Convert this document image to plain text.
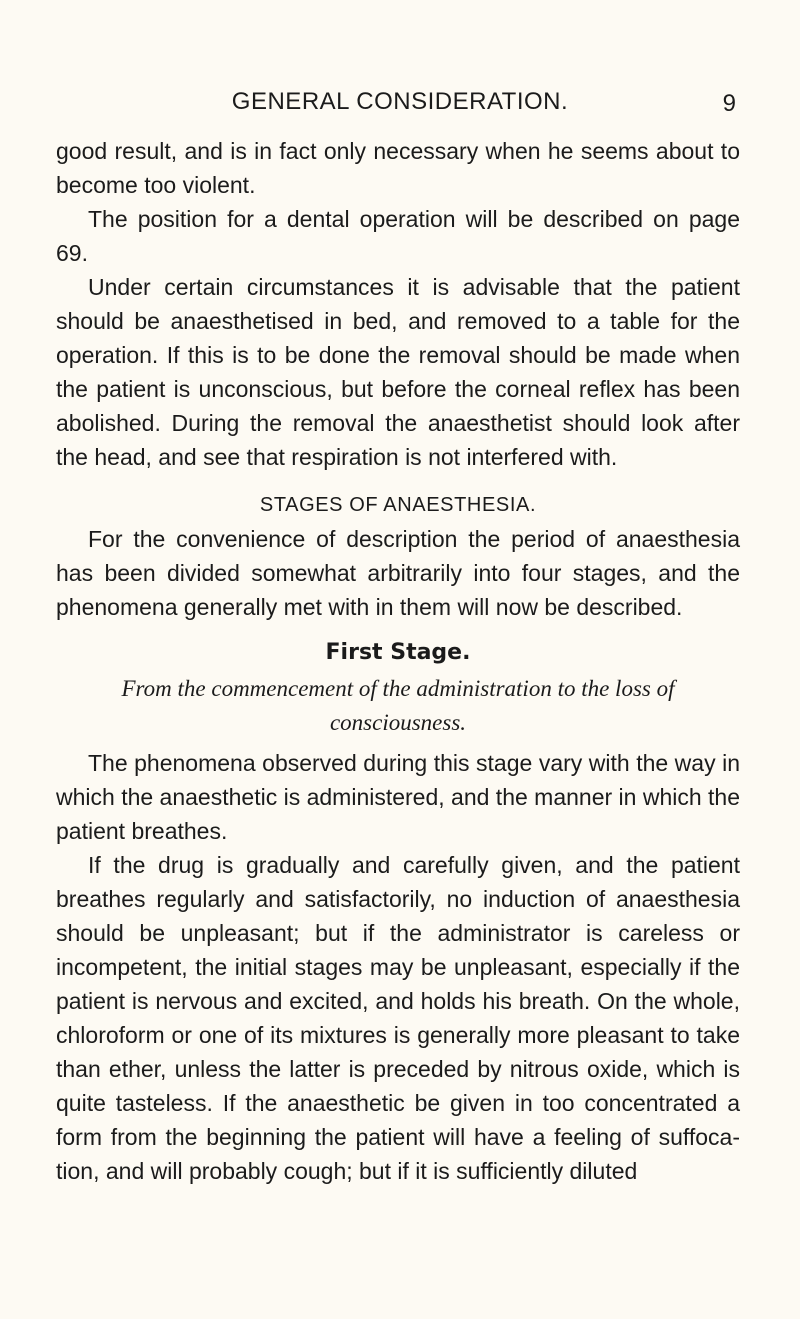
GENERAL CONSIDERATION.	9

good result, and is in fact only necessary when he seems about to become too violent.

The position for a dental operation will be described on page 69.

Under certain circumstances it is advisable that the patient should be anaesthetised in bed, and removed to a table for the operation. If this is to be done the removal should be made when the patient is unconscious, but before the corneal reflex has been abolished. During the removal the anaesthetist should look after the head, and see that respiration is not interfered with.

STAGES OF ANAESTHESIA.

For the convenience of description the period of anaesthesia has been divided somewhat arbitrarily into four stages, and the phenomena generally met with in them will now be described.

First Stage.
From the commencement of the administration to the loss of consciousness.

The phenomena observed during this stage vary with the way in which the anaesthetic is administered, and the manner in which the patient breathes.

If the drug is gradually and carefully given, and the patient breathes regularly and satisfactorily, no induction of anaesthesia should be unpleasant; but if the administrator is careless or incompetent, the initial stages may be unpleasant, especially if the patient is nervous and excited, and holds his breath. On the whole, chloroform or one of its mixtures is generally more pleasant to take than ether, unless the latter is preceded by nitrous oxide, which is quite tasteless. If the anaesthetic be given in too concentrated a form from the beginning the patient will have a feeling of suffocation, and will probably cough; but if it is sufficiently diluted
